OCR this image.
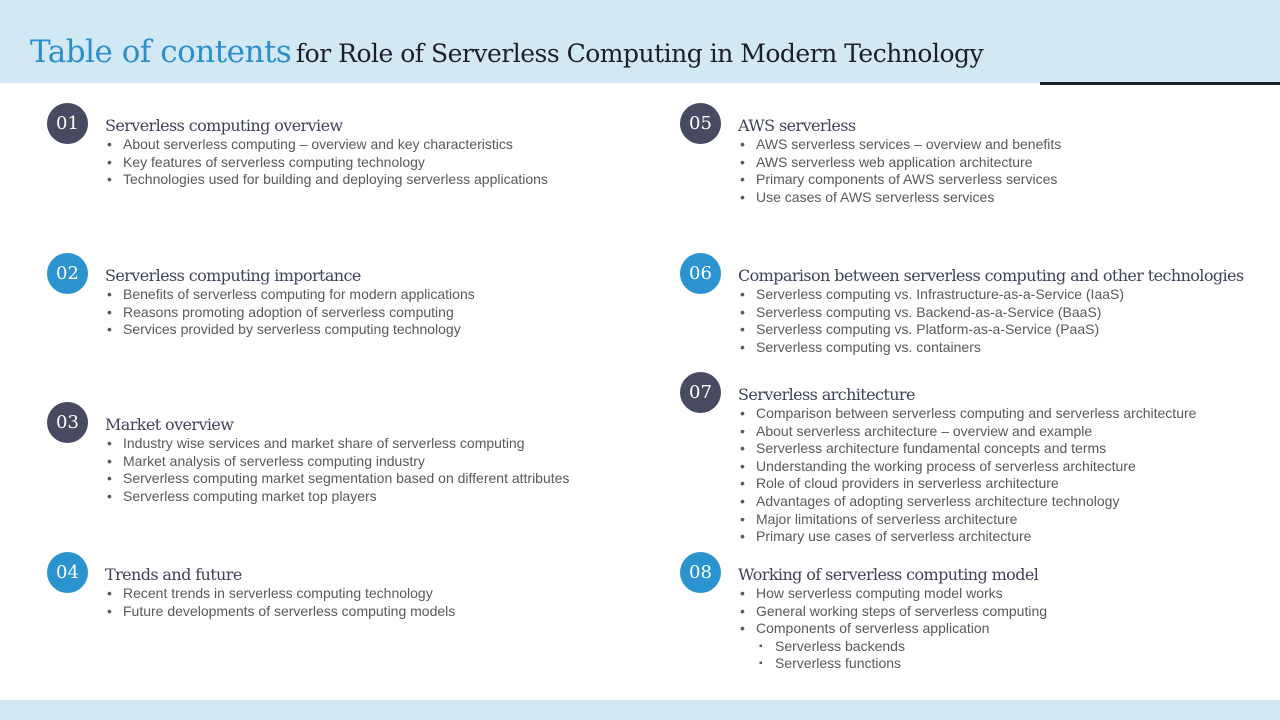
Table of contents for Role of Serverless Computing in Modern Technology
01	Serverless computing overview
• About serverless computing – overview and key characteristics
• Key features of serverless computing technology
• Technologies used for building and deploying serverless applications
02	Serverless computing importance
• Benefits of serverless computing for modern applications
• Reasons promoting adoption of serverless computing
• Services provided by serverless computing technology
03	Market overview
• Industry wise services and market share of serverless computing
• Market analysis of serverless computing industry
• Serverless computing market segmentation based on different attributes
• Serverless computing market top players
04	Trends and future
• Recent trends in serverless computing technology
• Future developments of serverless computing models
05	AWS serverless
• AWS serverless services – overview and benefits
• AWS serverless web application architecture
• Primary components of AWS serverless services
• Use cases of AWS serverless services
06	Comparison between serverless computing and other technologies
• Serverless computing vs. Infrastructure-as-a-Service (IaaS)
• Serverless computing vs. Backend-as-a-Service (BaaS)
• Serverless computing vs. Platform-as-a-Service (PaaS)
• Serverless computing vs. containers
07	Serverless architecture
• Comparison between serverless computing and serverless architecture
• About serverless architecture – overview and example
• Serverless architecture fundamental concepts and terms
• Understanding the working process of serverless architecture
• Role of cloud providers in serverless architecture
• Advantages of adopting serverless architecture technology
• Major limitations of serverless architecture
• Primary use cases of serverless architecture
08	Working of serverless computing model
• How serverless computing model works
• General working steps of serverless computing
• Components of serverless application
▪ Serverless backends
▪ Serverless functions
